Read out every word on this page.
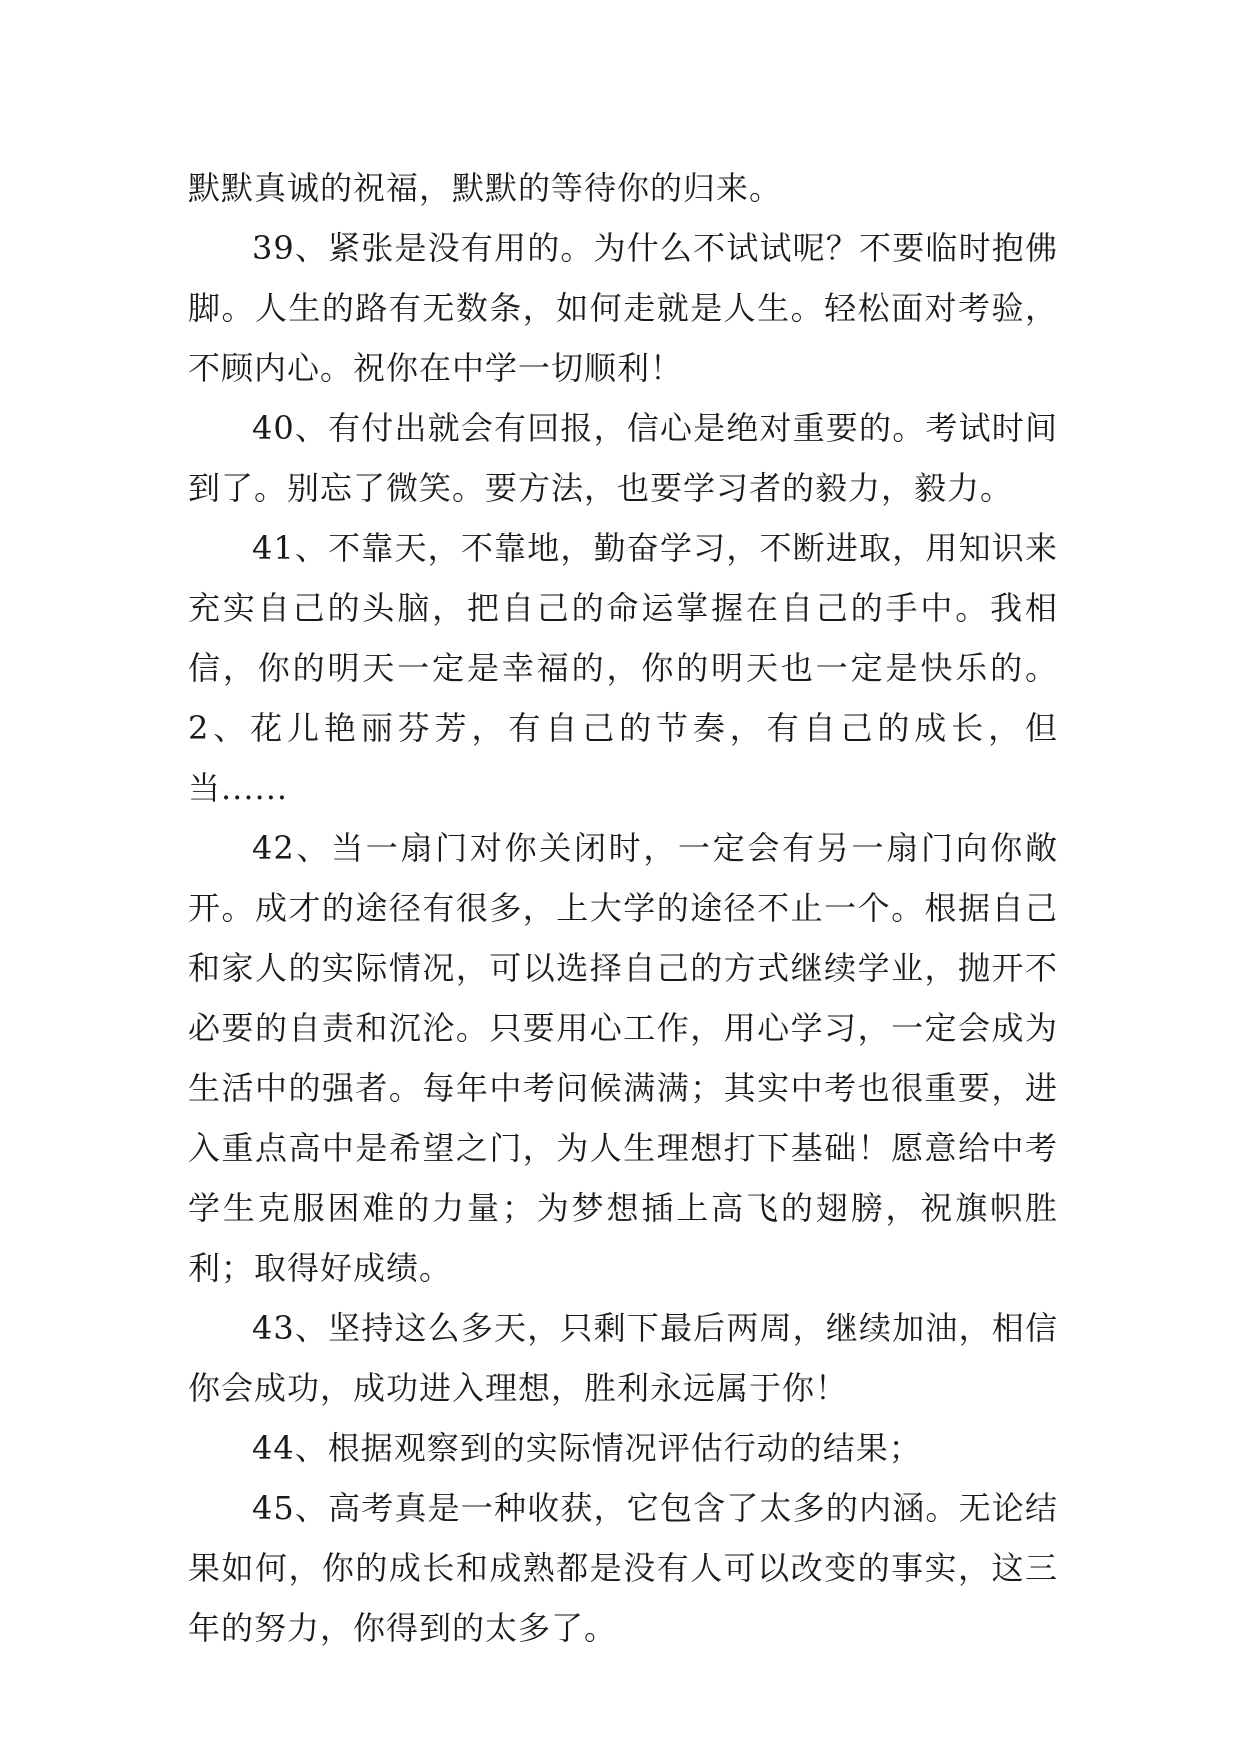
默默真诚的祝福，默默的等待你的归来。

39、紧张是没有用的。为什么不试试呢？不要临时抱佛脚。人生的路有无数条，如何走就是人生。轻松面对考验，不顾内心。祝你在中学一切顺利！

40、有付出就会有回报，信心是绝对重要的。考试时间到了。别忘了微笑。要方法，也要学习者的毅力，毅力。

41、不靠天，不靠地，勤奋学习，不断进取，用知识来充实自己的头脑，把自己的命运掌握在自己的手中。我相信，你的明天一定是幸福的，你的明天也一定是快乐的。2、花儿艳丽芬芳，有自己的节奏，有自己的成长，但当......

42、当一扇门对你关闭时，一定会有另一扇门向你敞开。成才的途径有很多，上大学的途径不止一个。根据自己和家人的实际情况，可以选择自己的方式继续学业，抛开不必要的自责和沉沦。只要用心工作，用心学习，一定会成为生活中的强者。每年中考问候满满；其实中考也很重要，进入重点高中是希望之门，为人生理想打下基础！愿意给中考学生克服困难的力量；为梦想插上高飞的翅膀，祝旗帜胜利；取得好成绩。

43、坚持这么多天，只剩下最后两周，继续加油，相信你会成功，成功进入理想，胜利永远属于你！

44、根据观察到的实际情况评估行动的结果；

45、高考真是一种收获，它包含了太多的内涵。无论结果如何，你的成长和成熟都是没有人可以改变的事实，这三年的努力，你得到的太多了。
